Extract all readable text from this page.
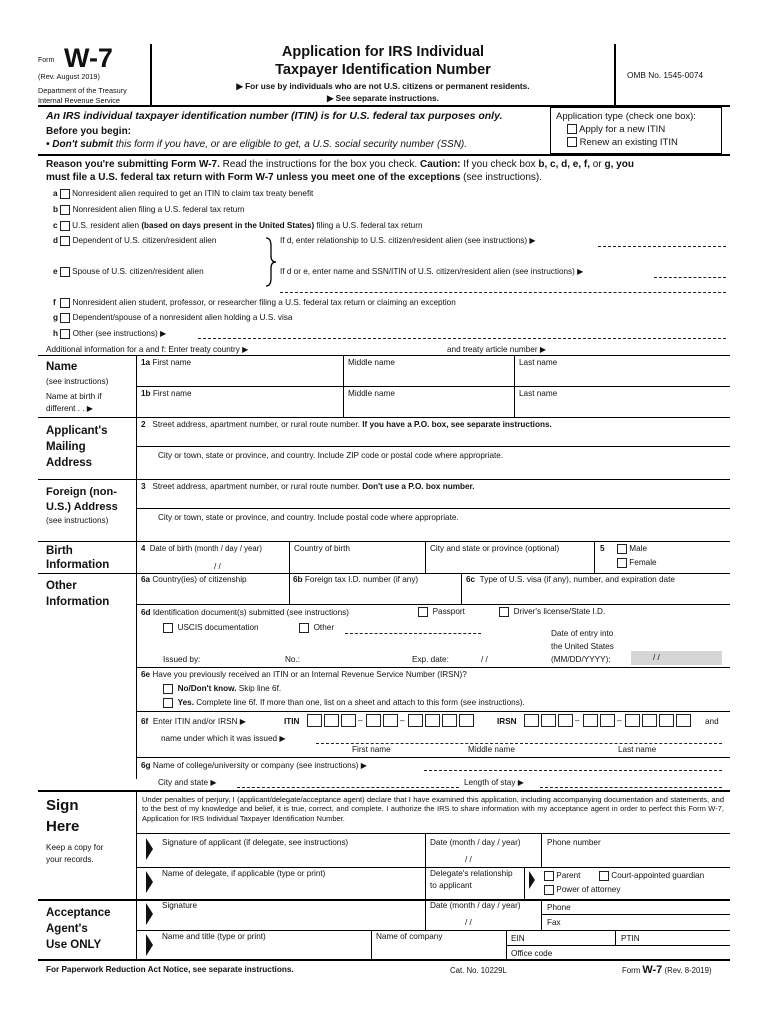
Form W-7
(Rev. August 2019)
Department of the Treasury
Internal Revenue Service
Application for IRS Individual
Taxpayer Identification Number
▶ For use by individuals who are not U.S. citizens or permanent residents.
▶ See separate instructions.
OMB No. 1545-0074
An IRS individual taxpayer identification number (ITIN) is for U.S. federal tax purposes only.
Before you begin:
• Don't submit this form if you have, or are eligible to get, a U.S. social security number (SSN).
Application type (check one box):
Apply for a new ITIN
Renew an existing ITIN
Reason you're submitting Form W-7. Read the instructions for the box you check. Caution: If you check box b, c, d, e, f, or g, you
must file a U.S. federal tax return with Form W-7 unless you meet one of the exceptions (see instructions).
a Nonresident alien required to get an ITIN to claim tax treaty benefit
b Nonresident alien filing a U.S. federal tax return
c U.S. resident alien (based on days present in the United States) filing a U.S. federal tax return
d Dependent of U.S. citizen/resident alien
e Spouse of U.S. citizen/resident alien
If d, enter relationship to U.S. citizen/resident alien (see instructions) ▶
If d or e, enter name and SSN/ITIN of U.S. citizen/resident alien (see instructions) ▶
f Nonresident alien student, professor, or researcher filing a U.S. federal tax return or claiming an exception
g Dependent/spouse of a nonresident alien holding a U.S. visa
h Other (see instructions) ▶
Additional information for a and f: Enter treaty country ▶	and treaty article number ▶
Name
(see instructions)
Name at birth if
different . . ▶
1a First name	Middle name	Last name
1b First name	Middle name	Last name
Applicant's
Mailing
Address
2 Street address, apartment number, or rural route number. If you have a P.O. box, see separate instructions.
City or town, state or province, and country. Include ZIP code or postal code where appropriate.
Foreign (non-
U.S.) Address
(see instructions)
3 Street address, apartment number, or rural route number. Don't use a P.O. box number.
City or town, state or province, and country. Include postal code where appropriate.
Birth
Information
4 Date of birth (month / day / year)
/ /
Country of birth	City and state or province (optional)	5	Male
Female
Other
Information
6a Country(ies) of citizenship	6b Foreign tax I.D. number (if any)	6c Type of U.S. visa (if any), number, and expiration date
6d Identification document(s) submitted (see instructions)	Passport	Driver's license/State I.D.
USCIS documentation	Other
Date of entry into
the United States
(MM/DD/YYYY):	/ /
Issued by:	No.:	Exp. date:	/ /
6e Have you previously received an ITIN or an Internal Revenue Service Number (IRSN)?
No/Don't know. Skip line 6f.
Yes. Complete line 6f. If more than one, list on a sheet and attach to this form (see instructions).
6f Enter ITIN and/or IRSN ▶	ITIN	–	–	IRSN	–	–	and
name under which it was issued ▶
First name	Middle name	Last name
6g Name of college/university or company (see instructions) ▶
City and state ▶	Length of stay ▶
Sign
Here
Keep a copy for
your records.
Under penalties of perjury, I (applicant/delegate/acceptance agent) declare that I have examined this application, including accompanying documentation and statements, and to the best of my knowledge and belief, it is true, correct, and complete. I authorize the IRS to share information with my acceptance agent in order to perfect this Form W-7, Application for IRS Individual Taxpayer Identification Number.
Signature of applicant (if delegate, see instructions)	Date (month / day / year)
/ /
Phone number
Name of delegate, if applicable (type or print)	Delegate's relationship
to applicant
Parent	Court-appointed guardian
Power of attorney
Acceptance
Agent's
Use ONLY
Signature	Date (month / day / year)
/ /
Phone
Fax
Name and title (type or print)	Name of company	EIN	PTIN
Office code
For Paperwork Reduction Act Notice, see separate instructions.	Cat. No. 10229L	Form W-7 (Rev. 8-2019)
